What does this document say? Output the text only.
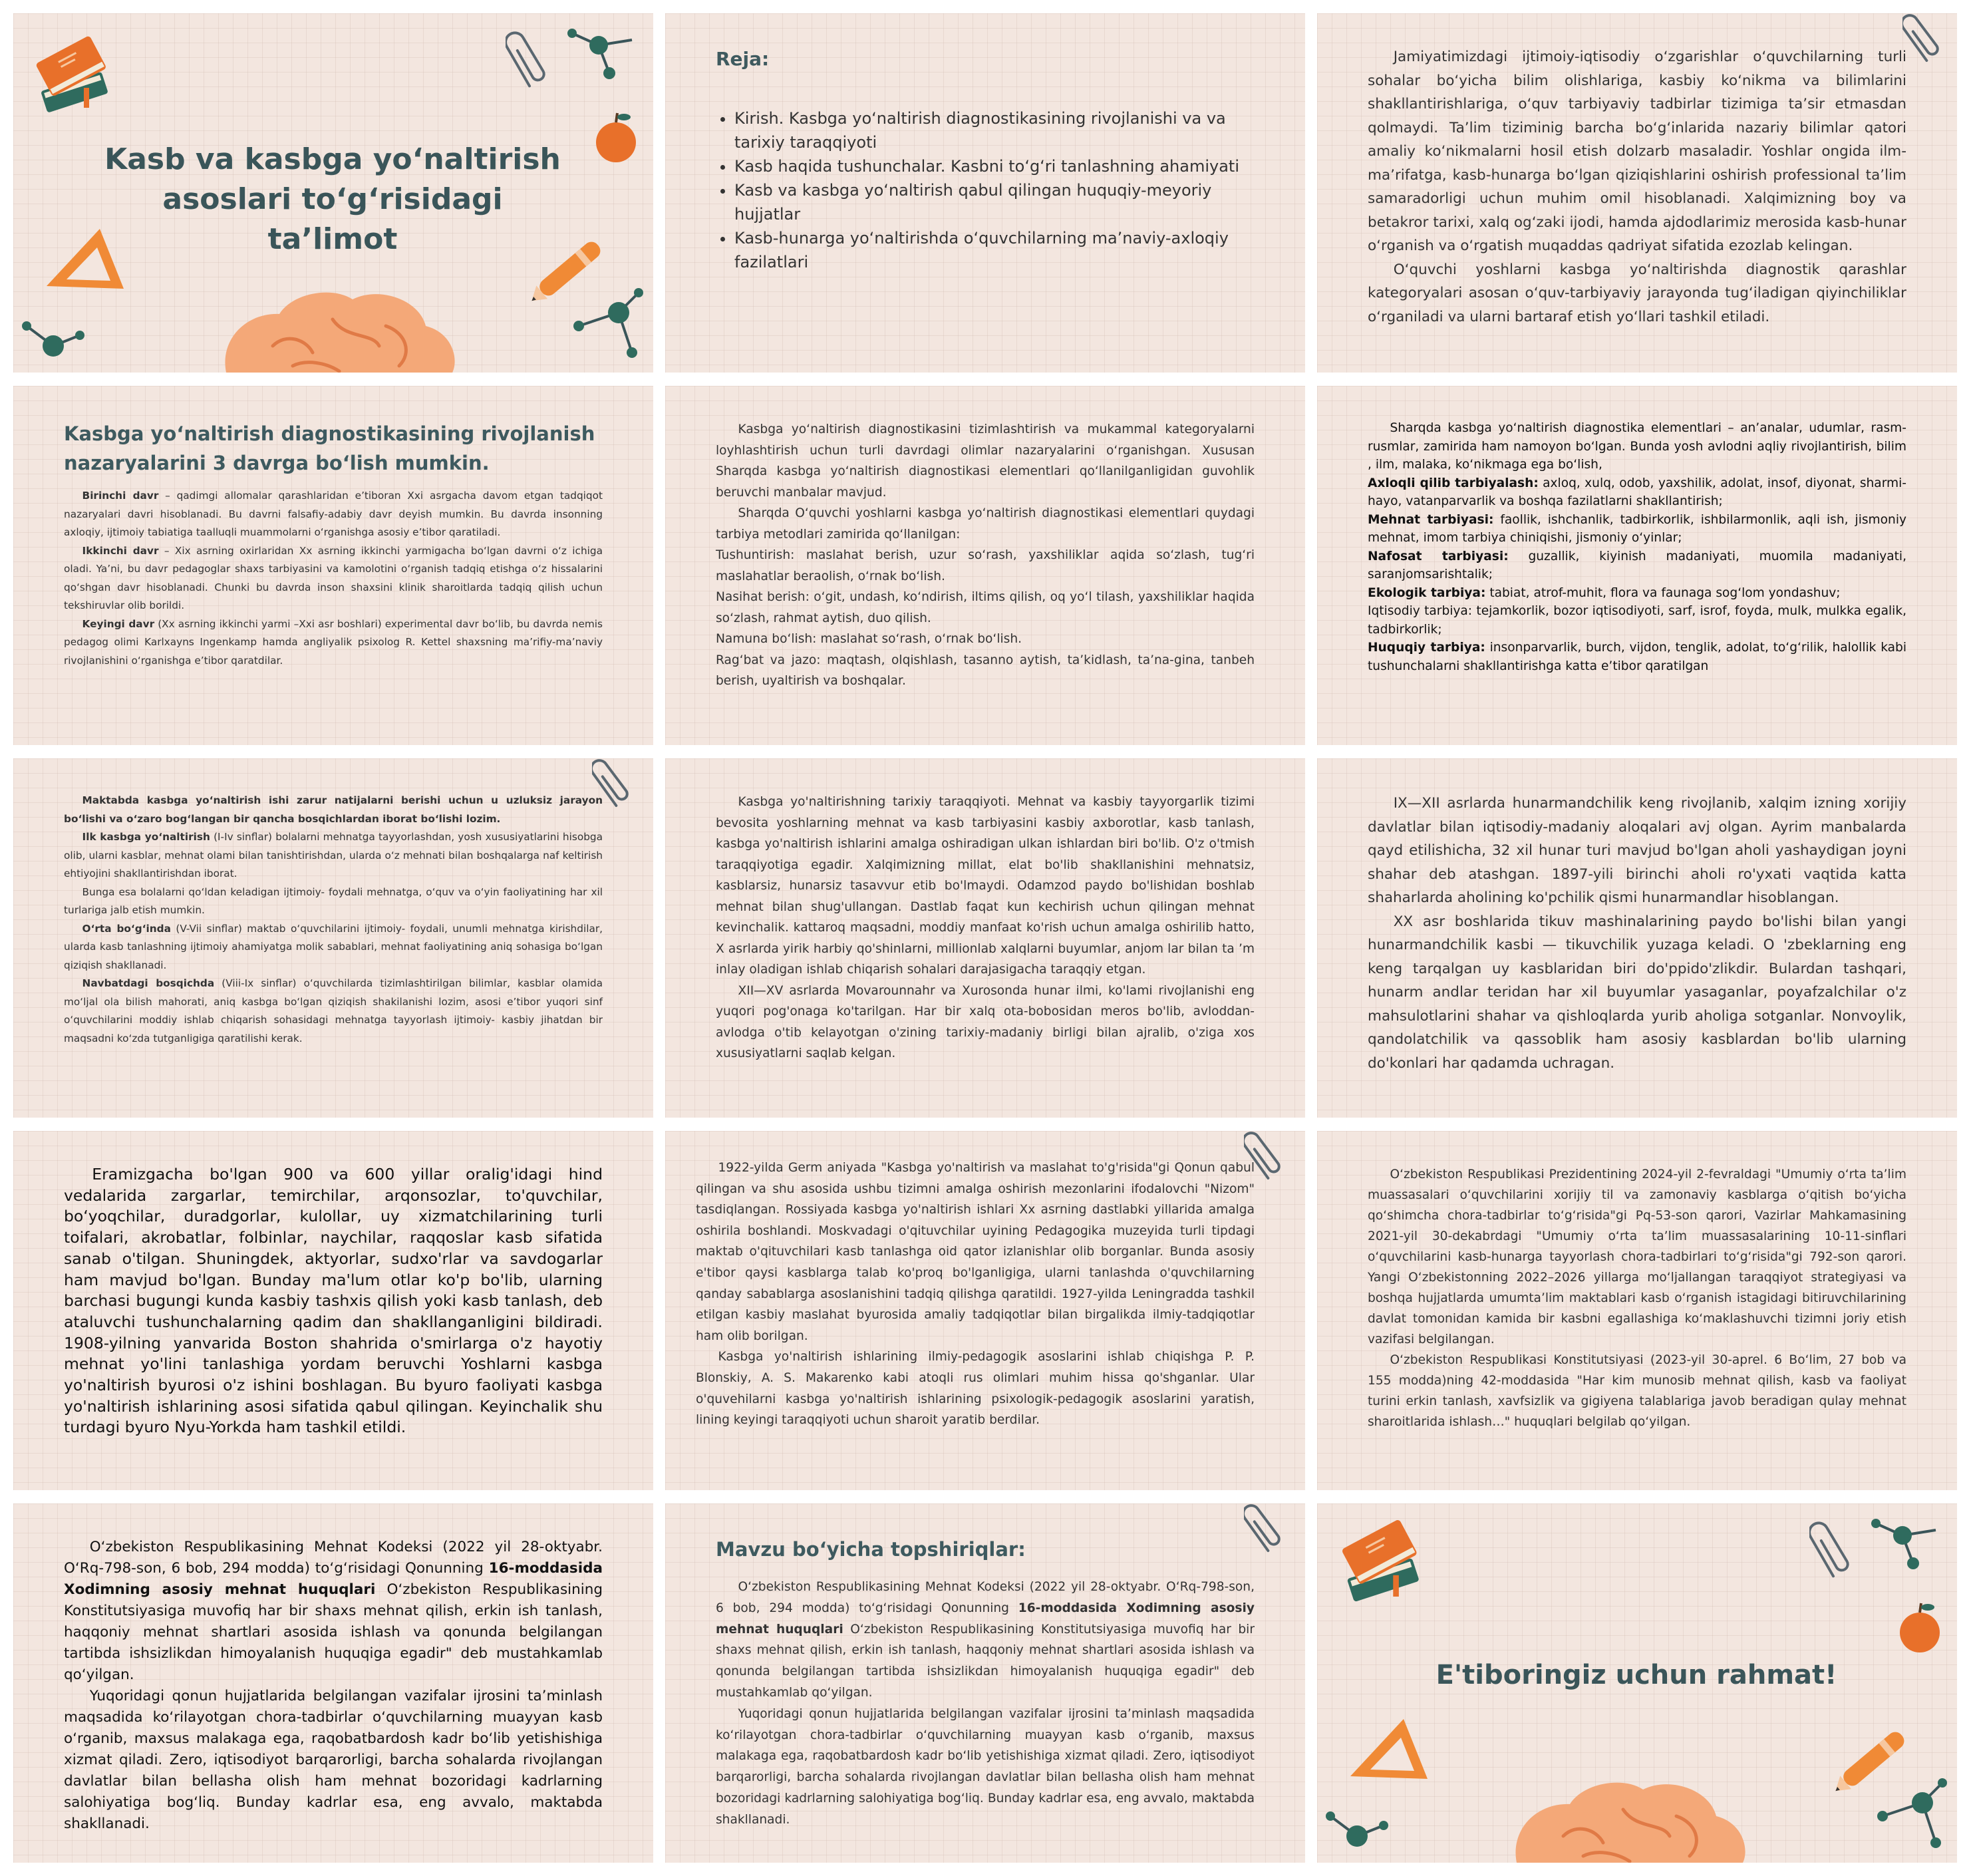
Kasb va kasbga yo‘naltirish asoslari to‘g‘risidagi ta’limot
Reja:
• Kirish. Kasbga yo‘naltirish diagnostikasining rivojlanishi va va tarixiy taraqqiyoti
• Kasb haqida tushunchalar. Kasbni to‘g‘ri tanlashning ahamiyati
• Kasb va kasbga yo‘naltirish qabul qilingan huquqiy-meyoriy hujjatlar
• Kasb-hunarga yo‘naltirishda o‘quvchilarning ma’naviy-axloqiy fazilatlari

Jamiyatimizdagi ijtimoiy-iqtisodiy o‘zgarishlar o‘quvchilarning turli sohalar bo‘yicha bilim olishlariga, kasbiy ko‘nikma va bilimlarini shakllantirishlariga, o‘quv tarbiyaviy tadbirlar tizimiga ta’sir etmasdan qolmaydi. Ta’lim tiziminig barcha bo‘g‘inlarida nazariy bilimlar qatori amaliy ko‘nikmalarni hosil etish dolzarb masaladir. Yoshlar ongida ilm-ma’rifatga, kasb-hunarga bo‘lgan qiziqishlarini oshirish professional ta’lim samaradorligi uchun muhim omil hisoblanadi. Xalqimizning boy va betakror tarixi, xalq og‘zaki ijodi, hamda ajdodlarimiz merosida kasb-hunar o‘rganish va o‘rgatish muqaddas qadriyat sifatida ezozlab kelingan.

O‘quvchi yoshlarni kasbga yo‘naltirishda diagnostik qarashlar kategoryalari asosan o‘quv-tarbiyaviy jarayonda tug‘iladigan qiyinchiliklar o‘rganiladi va ularni bartaraf etish yo‘llari tashkil etiladi.

Kasbga yo‘naltirish diagnostikasining rivojlanish nazaryalarini 3 davrga bo‘lish mumkin.

Birinchi davr – qadimgi allomalar qarashlaridan e’tiboran Xxi asrgacha davom etgan tadqiqot nazaryalari davri hisoblanadi. Bu davrni falsafiy-adabiy davr deyish mumkin. Bu davrda insonning axloqiy, ijtimoiy tabiatiga taalluqli muammolarni o‘rganishga asosiy e’tibor qaratiladi.

Ikkinchi davr – Xix asrning oxirlaridan Xx asrning ikkinchi yarmigacha bo‘lgan davrni o‘z ichiga oladi. Ya’ni, bu davr pedagoglar shaxs tarbiyasini va kamolotini o‘rganish tadqiq etishga o‘z hissalarini qo‘shgan davr hisoblanadi. Chunki bu davrda inson shaxsini klinik sharoitlarda tadqiq qilish uchun tekshiruvlar olib borildi.

Keyingi davr (Xx asrning ikkinchi yarmi –Xxi asr boshlari) experimental davr bo‘lib, bu davrda nemis pedagog olimi Karlxayns Ingenkamp hamda angliyalik psixolog R. Kettel shaxsning ma’rifiy-ma’naviy rivojlanishini o‘rganishga e’tibor qaratdilar.

Kasbga yo‘naltirish diagnostikasini tizimlashtirish va mukammal kategoryalarni loyhlashtirish uchun turli davrdagi olimlar nazaryalarini o‘rganishgan. Xususan Sharqda kasbga yo‘naltirish diagnostikasi elementlari qo‘llanilganligidan guvohlik beruvchi manbalar mavjud.

Sharqda O‘quvchi yoshlarni kasbga yo‘naltirish diagnostikasi elementlari quydagi tarbiya metodlari zamirida qo‘llanilgan:

Tushuntirish: maslahat berish, uzur so‘rash, yaxshiliklar aqida so‘zlash, tug‘ri maslahatlar beraolish, o‘rnak bo‘lish.

Nasihat berish: o‘git, undash, ko‘ndirish, iltims qilish, oq yo‘l tilash, yaxshiliklar haqida so‘zlash, rahmat aytish, duo qilish.

Namuna bo‘lish: maslahat so‘rash, o‘rnak bo‘lish.

Rag‘bat va jazo: maqtash, olqishlash, tasanno aytish, ta’kidlash, ta’na-gina, tanbeh berish, uyaltirish va boshqalar.

Sharqda kasbga yo‘naltirish diagnostika elementlari – an’analar, udumlar, rasm-rusmlar, zamirida ham namoyon bo‘lgan. Bunda yosh avlodni aqliy rivojlantirish, bilim , ilm, malaka, ko‘nikmaga ega bo‘lish,

Axloqli qilib tarbiyalash: axloq, xulq, odob, yaxshilik, adolat, insof, diyonat, sharmi-hayo, vatanparvarlik va boshqa fazilatlarni shakllantirish;

Mehnat tarbiyasi: faollik, ishchanlik, tadbirkorlik, ishbilarmonlik, aqli ish, jismoniy mehnat, imom tarbiya chiniqishi, jismoniy o‘yinlar;

Nafosat tarbiyasi: guzallik, kiyinish madaniyati, muomila madaniyati, saranjomsarishtalik;

Ekologik tarbiya: tabiat, atrof-muhit, flora va faunaga sog‘lom yondashuv;

Iqtisodiy tarbiya: tejamkorlik, bozor iqtisodiyoti, sarf, isrof, foyda, mulk, mulkka egalik, tadbirkorlik;

Huquqiy tarbiya: insonparvarlik, burch, vijdon, tenglik, adolat, to‘g‘rilik, halollik kabi tushunchalarni shakllantirishga katta e’tibor qaratilgan

Maktabda kasbga yo‘naltirish ishi zarur natijalarni berishi uchun u uzluksiz jarayon bo‘lishi va o‘zaro bog‘langan bir qancha bosqichlardan iborat bo‘lishi lozim.

Ilk kasbga yo‘naltirish (I-Iv sinflar) bolalarni mehnatga tayyorlashdan, yosh xususiyatlarini hisobga olib, ularni kasblar, mehnat olami bilan tanishtirishdan, ularda o‘z mehnati bilan boshqalarga naf keltirish ehtiyojini shakllantirishdan iborat.

Bunga esa bolalarni qo‘ldan keladigan ijtimoiy- foydali mehnatga, o‘quv va o‘yin faoliyatining har xil turlariga jalb etish mumkin.

O‘rta bo‘g‘inda (V-Vii sinflar) maktab o‘quvchilarini ijtimoiy- foydali, unumli mehnatga kirishdilar, ularda kasb tanlashning ijtimoiy ahamiyatga molik sabablari, mehnat faoliyatining aniq sohasiga bo‘lgan qiziqish shakllanadi.

Navbatdagi bosqichda (Viii-Ix sinflar) o‘quvchilarda tizimlashtirilgan bilimlar, kasblar olamida mo‘ljal ola bilish mahorati, aniq kasbga bo‘lgan qiziqish shakilanishi lozim, asosi e’tibor yuqori sinf o‘quvchilarini moddiy ishlab chiqarish sohasidagi mehnatga tayyorlash ijtimoiy- kasbiy jihatdan bir maqsadni ko‘zda tutganligiga qaratilishi kerak.

Kasbga yo'naltirishning tarixiy taraqqiyoti. Mehnat va kasbiy tayyorgarlik tizimi bevosita yoshlarning mehnat va kasb tarbiyasini kasbiy axborotlar, kasb tanlash, kasbga yo'naltirish ishlarini amalga oshiradigan ulkan ishlardan biri bo'lib. O'z o'tmish taraqqiyotiga egadir. Xalqimizning millat, elat bo'lib shakllanishini mehnatsiz, kasblarsiz, hunarsiz tasavvur etib bo'lmaydi. Odamzod paydo bo'lishidan boshlab mehnat bilan shug'ullangan. Dastlab faqat kun kechirish uchun qilingan mehnat kevinchalik. kattaroq maqsadni, moddiy manfaat ko'rish uchun amalga oshirilib hatto, X asrlarda yirik harbiy qo'shinlarni, millionlab xalqlarni buyumlar, anjom lar bilan ta ’m inlay oladigan ishlab chiqarish sohalari darajasigacha taraqqiy etgan.

XII—XV asrlarda Movarounnahr va Xurosonda hunar ilmi, ko'lami rivojlanishi eng yuqori pog'onaga ko'tarilgan. Har bir xalq ota-bobosidan meros bo'lib, avloddan-avlodga o'tib kelayotgan o'zining tarixiy-madaniy birligi bilan ajralib, o'ziga xos xususiyatlarni saqlab kelgan.

IX—XII asrlarda hunarmandchilik keng rivojlanib, xalqim izning xorijiy davlatlar bilan iqtisodiy-madaniy aloqalari avj olgan. Ayrim manbalarda qayd etilishicha, 32 xil hunar turi mavjud bo'lgan aholi yashaydigan joyni shahar deb atashgan. 1897-yili birinchi aholi ro'yxati vaqtida katta shaharlarda aholining ko'pchilik qismi hunarmandlar hisoblangan.

XX asr boshlarida tikuv mashinalarining paydo bo'lishi bilan yangi hunarmandchilik kasbi — tikuvchilik yuzaga keladi. O 'zbeklarning eng keng tarqalgan uy kasblaridan biri do'ppido'zlikdir. Bulardan tashqari, hunarm andlar teridan har xil buyumlar yasaganlar, poyafzalchilar o'z mahsulotlarini shahar va qishloqlarda yurib aholiga sotganlar. Nonvoylik, qandolatchilik va qassoblik ham asosiy kasblardan bo'lib ularning do'konlari har qadamda uchragan.

Eramizgacha bo'lgan 900 va 600 yillar oralig'idagi hind vedalarida zargarlar, temirchilar, arqonsozlar, to'quvchilar, bo‘yoqchilar, duradgorlar, kulollar, uy xizmatchilarining turli toifalari, akrobatlar, folbinlar, naychilar, raqqoslar kasb sifatida sanab o'tilgan. Shuningdek, aktyorlar, sudxo'rlar va savdogarlar ham mavjud bo'lgan. Bunday ma'lum otlar ko'p bo'lib, ularning barchasi bugungi kunda kasbiy tashxis qilish yoki kasb tanlash, deb ataluvchi tushunchalarning qadim dan shakllanganligini bildiradi. 1908-yilning yanvarida Boston shahrida o'smirlarga o'z hayotiy mehnat yo'lini tanlashiga yordam beruvchi Yoshlarni kasbga yo'naltirish byurosi o'z ishini boshlagan. Bu byuro faoliyati kasbga yo'naltirish ishlarining asosi sifatida qabul qilingan. Keyinchalik shu turdagi byuro Nyu-Yorkda ham tashkil etildi.

1922-yilda Germ aniyada "Kasbga yo'naltirish va maslahat to'g'risida"gi Qonun qabul qilingan va shu asosida ushbu tizimni amalga oshirish mezonlarini ifodalovchi "Nizom" tasdiqlangan. Rossiyada kasbga yo'naltirish ishlari Xx asrning dastlabki yillarida amalga oshirila boshlandi. Moskvadagi o'qituvchilar uyining Pedagogika muzeyida turli tipdagi maktab o'qituvchilari kasb tanlashga oid qator izlanishlar olib borganlar. Bunda asosiy e'tibor qaysi kasblarga talab ko'proq bo'lganligiga, ularni tanlashda o'quvchilarning qanday sabablarga asoslanishini tadqiq qilishga qaratildi. 1927-yilda Leningradda tashkil etilgan kasbiy maslahat byurosida amaliy tadqiqotlar bilan birgalikda ilmiy-tadqiqotlar ham olib borilgan.

Kasbga yo'naltirish ishlarining ilmiy-pedagogik asoslarini ishlab chiqishga P. P. Blonskiy, A. S. Makarenko kabi atoqli rus olimlari muhim hissa qo'shganlar. Ular o'quvehilarni kasbga yo'naltirish ishlarining psixologik-pedagogik asoslarini yaratish, lining keyingi taraqqiyoti uchun sharoit yaratib berdilar.

O‘zbekiston Respublikasi Prezidentining 2024-yil 2-fevraldagi "Umumiy o‘rta ta’lim muassasalari o‘quvchilarini xorijiy til va zamonaviy kasblarga o‘qitish bo‘yicha qo‘shimcha chora-tadbirlar to‘g‘risida"gi Pq-53-son qarori, Vazirlar Mahkamasining 2021-yil 30-dekabrdagi "Umumiy o‘rta ta’lim muassasalarining 10-11-sinflari o‘quvchilarini kasb-hunarga tayyorlash chora-tadbirlari to‘g‘risida"gi 792-son qarori. Yangi O‘zbekistonning 2022–2026 yillarga mo‘ljallangan taraqqiyot strategiyasi va boshqa hujjatlarda umumta’lim maktablari kasb o‘rganish istagidagi bitiruvchilarining davlat tomonidan kamida bir kasbni egallashiga ko‘maklashuvchi tizimni joriy etish vazifasi belgilangan.

O‘zbekiston Respublikasi Konstitutsiyasi (2023-yil 30-aprel. 6 Bo‘lim, 27 bob va 155 modda)ning 42-moddasida "Har kim munosib mehnat qilish, kasb va faoliyat turini erkin tanlash, xavfsizlik va gigiyena talablariga javob beradigan qulay mehnat sharoitlarida ishlash…" huquqlari belgilab qo‘yilgan.

O‘zbekiston Respublikasining Mehnat Kodeksi (2022 yil 28-oktyabr. O‘Rq-798-son, 6 bob, 294 modda) to‘g‘risidagi Qonunning 16-moddasida Xodimning asosiy mehnat huquqlari O‘zbekiston Respublikasining Konstitutsiyasiga muvofiq har bir shaxs mehnat qilish, erkin ish tanlash, haqqoniy mehnat shartlari asosida ishlash va qonunda belgilangan tartibda ishsizlikdan himoyalanish huquqiga egadir" deb mustahkamlab qo‘yilgan.

Yuqoridagi qonun hujjatlarida belgilangan vazifalar ijrosini ta’minlash maqsadida ko‘rilayotgan chora-tadbirlar o‘quvchilarning muayyan kasb o‘rganib, maxsus malakaga ega, raqobatbardosh kadr bo‘lib yetishishiga xizmat qiladi. Zero, iqtisodiyot barqarorligi, barcha sohalarda rivojlangan davlatlar bilan bellasha olish ham mehnat bozoridagi kadrlarning salohiyatiga bog‘liq. Bunday kadrlar esa, eng avvalo, maktabda shakllanadi.

Mavzu bo‘yicha topshiriqlar:

O‘zbekiston Respublikasining Mehnat Kodeksi (2022 yil 28-oktyabr. O‘Rq-798-son, 6 bob, 294 modda) to‘g‘risidagi Qonunning 16-moddasida Xodimning asosiy mehnat huquqlari O‘zbekiston Respublikasining Konstitutsiyasiga muvofiq har bir shaxs mehnat qilish, erkin ish tanlash, haqqoniy mehnat shartlari asosida ishlash va qonunda belgilangan tartibda ishsizlikdan himoyalanish huquqiga egadir" deb mustahkamlab qo‘yilgan.

Yuqoridagi qonun hujjatlarida belgilangan vazifalar ijrosini ta’minlash maqsadida ko‘rilayotgan chora-tadbirlar o‘quvchilarning muayyan kasb o‘rganib, maxsus malakaga ega, raqobatbardosh kadr bo‘lib yetishishiga xizmat qiladi. Zero, iqtisodiyot barqarorligi, barcha sohalarda rivojlangan davlatlar bilan bellasha olish ham mehnat bozoridagi kadrlarning salohiyatiga bog‘liq. Bunday kadrlar esa, eng avvalo, maktabda shakllanadi.

E'tiboringiz uchun rahmat!
